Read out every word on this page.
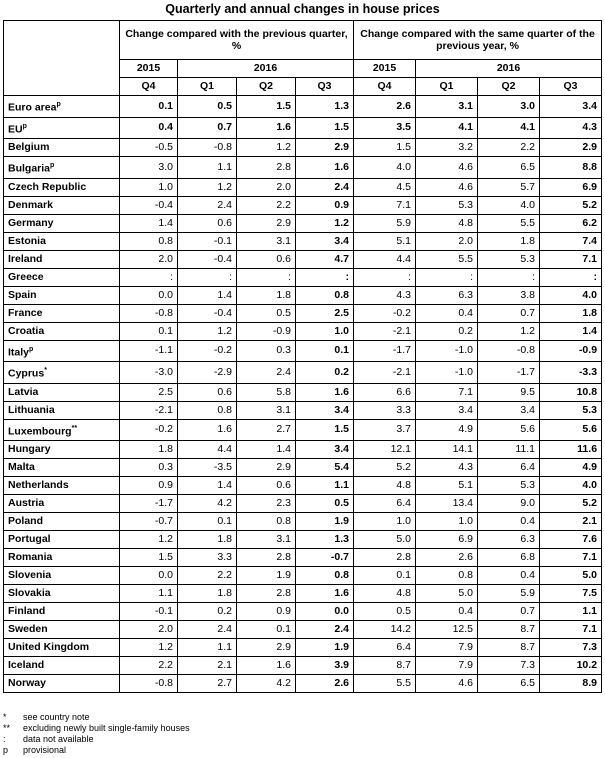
Quarterly and annual changes in house prices
	Change compared with the previous quarter, %				Change compared with the same quarter of the previous year, %			
	2015	2016			2015	2016		
	Q4	Q1	Q2	Q3	Q4	Q1	Q2	Q3
Euro area$^p$	0.1	0.5	1.5	1.3	2.6	3.1	3.0	3.4
$EU^p$	0.4	0.7	1.6	1.5	3.5	4.1	4.1	4.3
Belgium	-0.5	-0.8	1.2	2.9	1.5	3.2	2.2	2.9
Bulgaria$^p$	3.0	1.1	2.8	1.6	4.0	4.6	6.5	8.8
Czech Republic	1.0	1.2	2.0	2.4	4.5	4.6	5.7	6.9
Denmark	-0.4	2.4	2.2	0.9	7.1	5.3	4.0	5.2
Germany	1.4	0.6	2.9	1.2	5.9	4.8	5.5	6.2
Estonia	0.8	-0.1	3.1	3.4	5.1	2.0	1.8	7.4
Ireland	2.0	-0.4	0.6	4.7	4.4	5.5	5.3	7.1
Greece	:	:	:	:	:	:	:	:
Spain	0.0	1.4	1.8	0.8	4.3	6.3	3.8	4.0
France	-0.8	-0.4	0.5	2.5	-0.2	0.4	0.7	1.8
Croatia	0.1	1.2	-0.9	1.0	-2.1	0.2	1.2	1.4
Italy$^p$	-1.1	-0.2	0.3	0.1	-1.7	-1.0	-0.8	-0.9
Cyprus*	-3.0	-2.9	2.4	0.2	-2.1	-1.0	-1.7	-3.3
Latvia	2.5	0.6	5.8	1.6	6.6	7.1	9.5	10.8
Lithuania	-2.1	0.8	3.1	3.4	3.3	3.4	3.4	5.3
Luxembourg**	-0.2	1.6	2.7	1.5	3.7	4.9	5.6	5.6
Hungary	1.8	4.4	1.4	3.4	12.1	14.1	11.1	11.6
Malta	0.3	-3.5	2.9	5.4	5.2	4.3	6.4	4.9
Netherlands	0.9	1.4	0.6	1.1	4.8	5.1	5.3	4.0
Austria	-1.7	4.2	2.3	0.5	6.4	13.4	9.0	5.2
Poland	-0.7	0.1	0.8	1.9	1.0	1.0	0.4	2.1
Portugal	1.2	1.8	3.1	1.3	5.0	6.9	6.3	7.6
Romania	1.5	3.3	2.8	-0.7	2.8	2.6	6.8	7.1
Slovenia	0.0	2.2	1.9	0.8	0.1	0.8	0.4	5.0
Slovakia	1.1	1.8	2.8	1.6	4.8	5.0	5.9	7.5
Finland	-0.1	0.2	0.9	0.0	0.5	0.4	0.7	1.1
Sweden	2.0	2.4	0.1	2.4	14.2	12.5	8.7	7.1
United Kingdom	1.2	1.1	2.9	1.9	6.4	7.9	8.7	7.3
Iceland	2.2	2.1	1.6	3.9	8.7	7.9	7.3	10.2
Norway	-0.8	2.7	4.2	2.6	5.5	4.6	6.5	8.9
* see country note
** excluding newly built single-family houses
: data not available
p provisional
